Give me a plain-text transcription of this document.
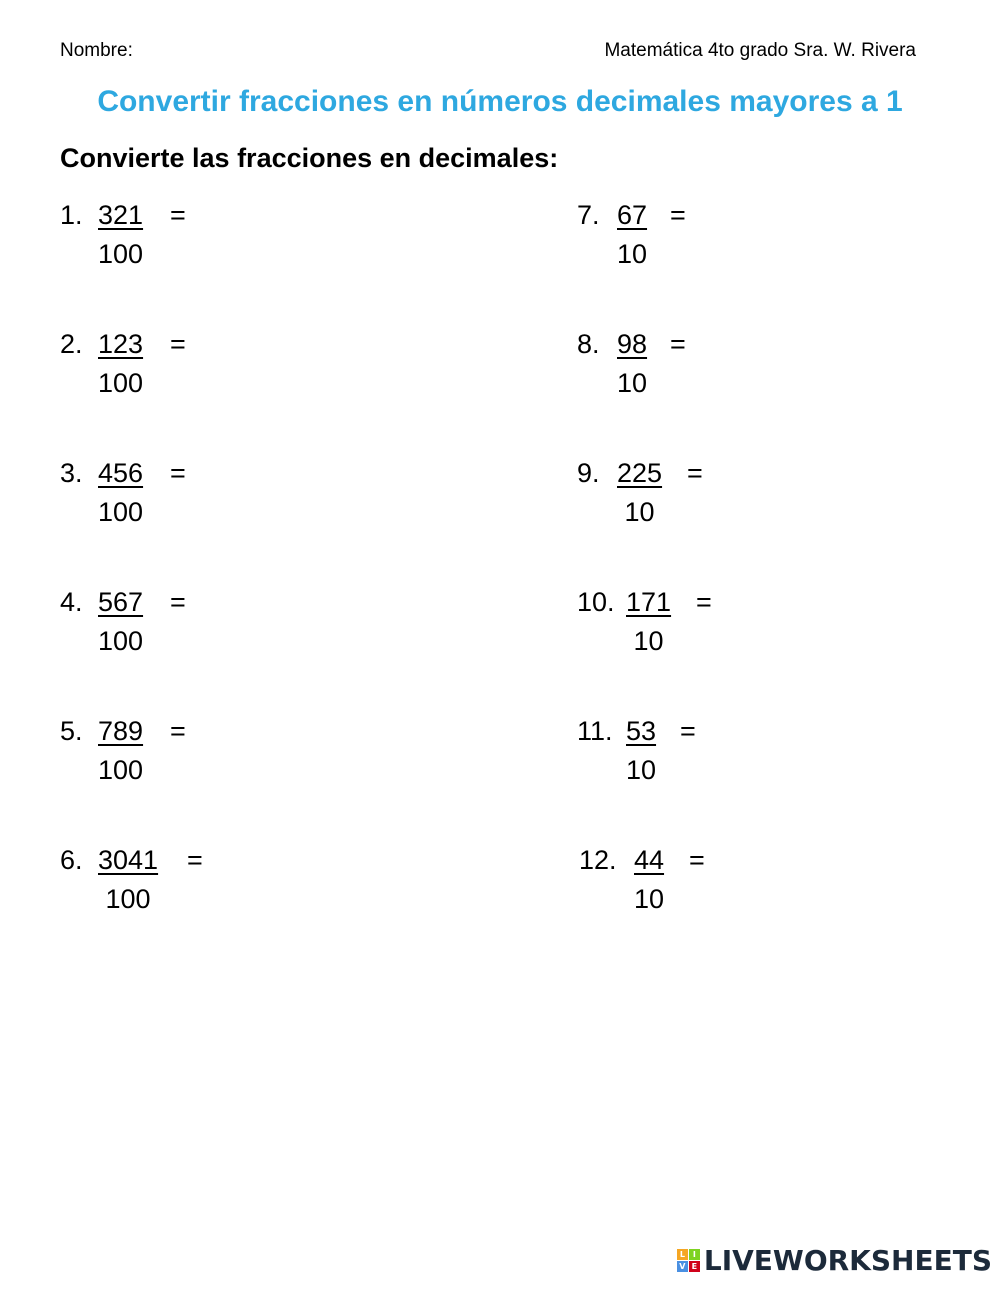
Nombre:	Matemática 4to grado Sra. W. Rivera
Convertir fracciones en números decimales mayores a 1
Convierte las fracciones en decimales:
1. $\frac{321}{100}$ =
2. $\frac{123}{100}$ =
3. $\frac{456}{100}$ =
4. $\frac{567}{100}$ =
5. $\frac{789}{100}$ =
6. $\frac{3041}{100}$ =
7. $\frac{67}{10}$ =
8. $\frac{98}{10}$ =
9. $\frac{225}{10}$ =
10. $\frac{171}{10}$ =
11. $\frac{53}{10}$ =
12. $\frac{44}{10}$ =
L I
V E LIVEWORKSHEETS
